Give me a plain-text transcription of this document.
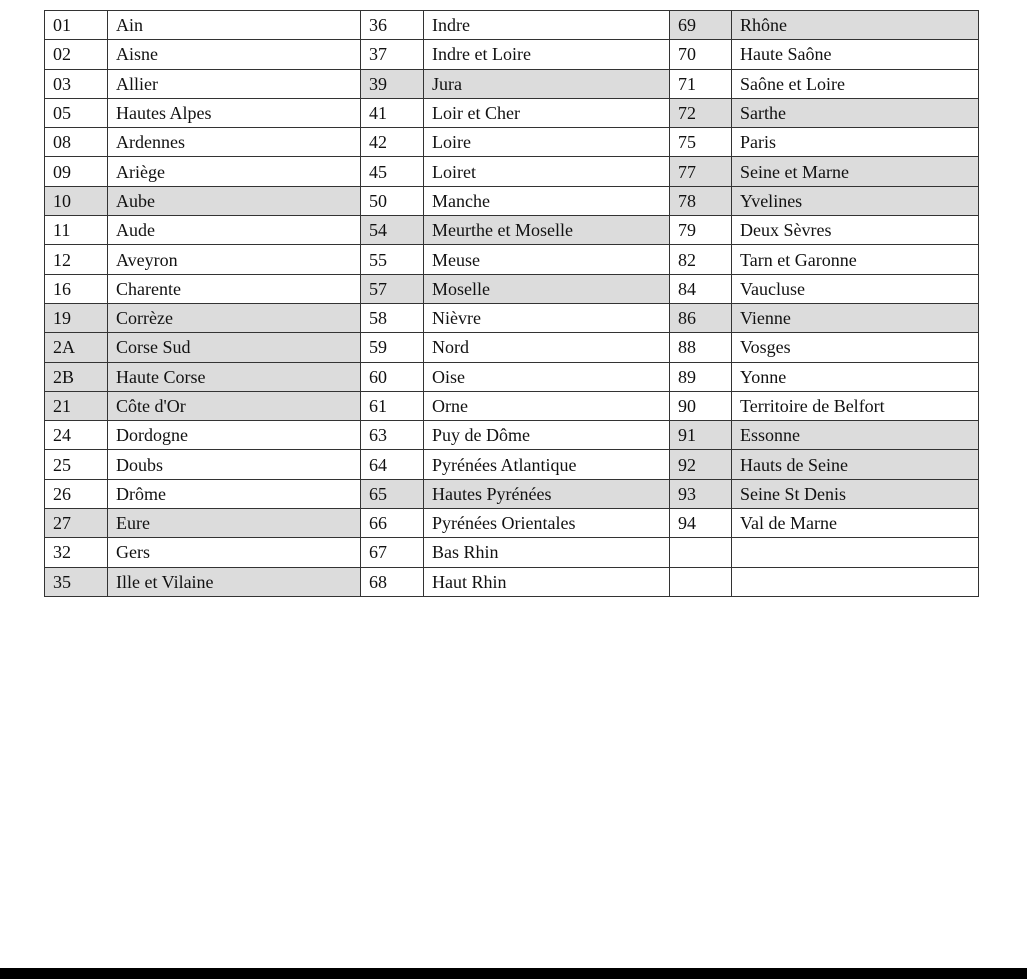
01	Ain	36	Indre	69	Rhône
02	Aisne	37	Indre et Loire	70	Haute Saône
03	Allier	39	Jura	71	Saône et Loire
05	Hautes Alpes	41	Loir et Cher	72	Sarthe
08	Ardennes	42	Loire	75	Paris
09	Ariège	45	Loiret	77	Seine et Marne
10	Aube	50	Manche	78	Yvelines
11	Aude	54	Meurthe et Moselle	79	Deux Sèvres
12	Aveyron	55	Meuse	82	Tarn et Garonne
16	Charente	57	Moselle	84	Vaucluse
19	Corrèze	58	Nièvre	86	Vienne
2A	Corse Sud	59	Nord	88	Vosges
2B	Haute Corse	60	Oise	89	Yonne
21	Côte d'Or	61	Orne	90	Territoire de Belfort
24	Dordogne	63	Puy de Dôme	91	Essonne
25	Doubs	64	Pyrénées Atlantique	92	Hauts de Seine
26	Drôme	65	Hautes Pyrénées	93	Seine St Denis
27	Eure	66	Pyrénées Orientales	94	Val de Marne
32	Gers	67	Bas Rhin		
35	Ille et Vilaine	68	Haut Rhin		
